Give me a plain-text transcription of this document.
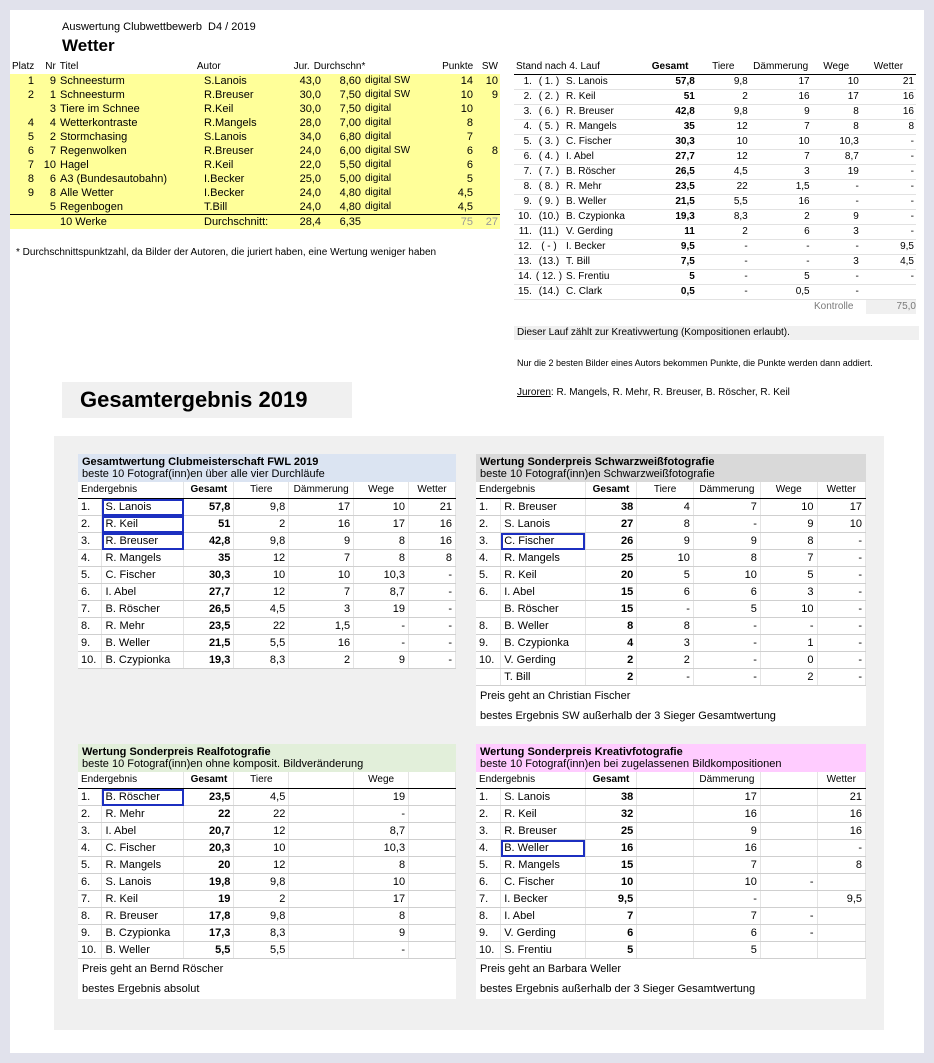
Auswertung Clubwettbewerb D4 / 2019
Wetter
Platz	Nr	Titel	Autor	Jur.	Durchschn*		Punkte	SW
1	9	Schneesturm	S.Lanois	43,0	8,60	digital SW	14	10
2	1	Schneesturm	R.Breuser	30,0	7,50	digital SW	10	9
	3	Tiere im Schnee	R.Keil	30,0	7,50	digital	10	
4	4	Wetterkontraste	R.Mangels	28,0	7,00	digital	8	
5	2	Stormchasing	S.Lanois	34,0	6,80	digital	7	
6	7	Regenwolken	R.Breuser	24,0	6,00	digital SW	6	8
7	10	Hagel	R.Keil	22,0	5,50	digital	6	
8	6	A3 (Bundesautobahn)	I.Becker	25,0	5,00	digital	5	
9	8	Alle Wetter	I.Becker	24,0	4,80	digital	4,5	
	5	Regenbogen	T.Bill	24,0	4,80	digital	4,5	
		10 Werke	Durchschnitt:	28,4	6,35		75	27
* Durchschnittspunktzahl, da Bilder der Autoren, die juriert haben, eine Wertung weniger haben
Stand nach 4. Lauf			Gesamt	Tiere	Dämmerung	Wege	Wetter
1.	( 1. )	S. Lanois	57,8	9,8	17	10	21
2.	( 2. )	R. Keil	51	2	16	17	16
3.	( 6. )	R. Breuser	42,8	9,8	9	8	16
4.	( 5. )	R. Mangels	35	12	7	8	8
5.	( 3. )	C. Fischer	30,3	10	10	10,3	-
6.	( 4. )	I. Abel	27,7	12	7	8,7	-
7.	( 7. )	B. Röscher	26,5	4,5	3	19	-
8.	( 8. )	R. Mehr	23,5	22	1,5	-	-
9.	( 9. )	B. Weller	21,5	5,5	16	-	-
10.	(10.)	B. Czypionka	19,3	8,3	2	9	-
11.	(11.)	V. Gerding	11	2	6	3	-
12.	( - )	I. Becker	9,5	-	-	-	9,5
13.	(13.)	T. Bill	7,5	-	-	3	4,5
14.	( 12. )	S. Frentiu	5	-	5	-	-
15.	(14.)	C. Clark	0,5	-	0,5	-	
Kontrolle	75,0
Dieser Lauf zählt zur Kreativwertung (Kompositionen erlaubt).
Nur die 2 besten Bilder eines Autors bekommen Punkte, die Punkte werden dann addiert.
Juroren: R. Mangels, R. Mehr, R. Breuser, B. Röscher, R. Keil
Gesamtergebnis 2019
Gesamtwertung Clubmeisterschaft FWL 2019
beste 10 Fotograf(inn)en über alle vier Durchläufe
Endergebnis		Gesamt	Tiere	Dämmerung	Wege	Wetter
1.	S. Lanois	57,8	9,8	17	10	21
2.	R. Keil	51	2	16	17	16
3.	R. Breuser	42,8	9,8	9	8	16
4.	R. Mangels	35	12	7	8	8
5.	C. Fischer	30,3	10	10	10,3	-
6.	I. Abel	27,7	12	7	8,7	-
7.	B. Röscher	26,5	4,5	3	19	-
8.	R. Mehr	23,5	22	1,5	-	-
9.	B. Weller	21,5	5,5	16	-	-
10.	B. Czypionka	19,3	8,3	2	9	-
Wertung Sonderpreis Schwarzweißfotografie
beste 10 Fotograf(inn)en Schwarzweißfotografie
Endergebnis		Gesamt	Tiere	Dämmerung	Wege	Wetter
1.	R. Breuser	38	4	7	10	17
2.	S. Lanois	27	8	-	9	10
3.	C. Fischer	26	9	9	8	-
4.	R. Mangels	25	10	8	7	-
5.	R. Keil	20	5	10	5	-
6.	I. Abel	15	6	6	3	-
	B. Röscher	15	-	5	10	-
8.	B. Weller	8	8	-	-	-
9.	B. Czypionka	4	3	-	1	-
10.	V. Gerding	2	2	-	0	-
	T. Bill	2	-	-	2	-
Preis geht an Christian Fischer
bestes Ergebnis SW außerhalb der 3 Sieger Gesamtwertung
Wertung Sonderpreis Realfotografie
beste 10 Fotograf(inn)en ohne komposit. Bildveränderung
Endergebnis		Gesamt	Tiere		Wege	
1.	B. Röscher	23,5	4,5		19	
2.	R. Mehr	22	22		-	
3.	I. Abel	20,7	12		8,7	
4.	C. Fischer	20,3	10		10,3	
5.	R. Mangels	20	12		8	
6.	S. Lanois	19,8	9,8		10	
7.	R. Keil	19	2		17	
8.	R. Breuser	17,8	9,8		8	
9.	B. Czypionka	17,3	8,3		9	
10.	B. Weller	5,5	5,5		-	
Preis geht an Bernd Röscher
bestes Ergebnis absolut
Wertung Sonderpreis Kreativfotografie
beste 10 Fotograf(inn)en bei zugelassenen Bildkompositionen
Endergebnis		Gesamt		Dämmerung		Wetter
1.	S. Lanois	38		17		21
2.	R. Keil	32		16		16
3.	R. Breuser	25		9		16
4.	B. Weller	16		16		-
5.	R. Mangels	15		7		8
6.	C. Fischer	10		10	-	
7.	I. Becker	9,5		-		9,5
8.	I. Abel	7		7	-	
9.	V. Gerding	6		6	-	
10.	S. Frentiu	5		5		
Preis geht an Barbara Weller
bestes Ergebnis außerhalb der 3 Sieger Gesamtwertung
